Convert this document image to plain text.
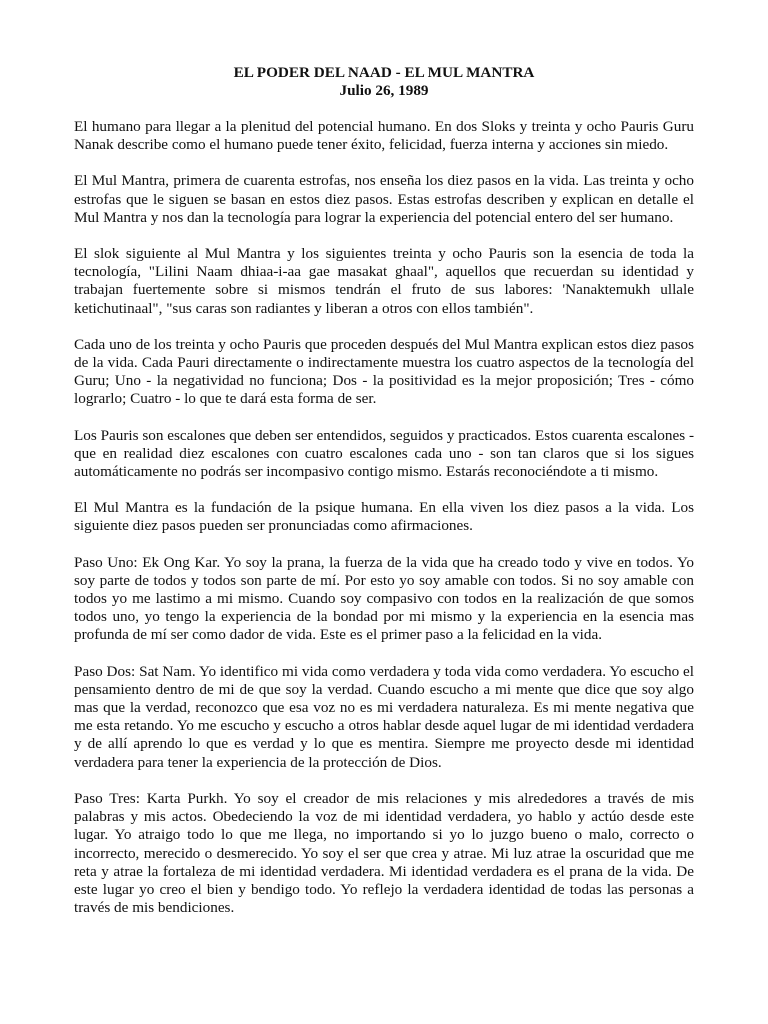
EL PODER DEL NAAD - EL MUL MANTRA
Julio 26, 1989

El humano para llegar a la plenitud del potencial humano. En dos Sloks y treinta y ocho Pauris Guru Nanak describe como el humano puede tener éxito, felicidad, fuerza interna y acciones sin miedo.

El Mul Mantra, primera de cuarenta estrofas, nos enseña los diez pasos en la vida. Las treinta y ocho estrofas que le siguen se basan en estos diez pasos. Estas estrofas describen y explican en detalle el Mul Mantra y nos dan la tecnología para lograr la experiencia del potencial entero del ser humano.

El slok siguiente al Mul Mantra y los siguientes treinta y ocho Pauris son la esencia de toda la tecnología, "Lilini Naam dhiaa-i-aa gae masakat ghaal", aquellos que recuerdan su identidad y trabajan fuertemente sobre si mismos tendrán el fruto de sus labores: 'Nanaktemukh ullale ketichutinaal", "sus caras son radiantes y liberan a otros con ellos también".

Cada uno de los treinta y ocho Pauris que proceden después del Mul Mantra explican estos diez pasos de la vida. Cada Pauri directamente o indirectamente muestra los cuatro aspectos de la tecnología del Guru; Uno - la negatividad no funciona; Dos - la positividad es la mejor proposición; Tres - cómo lograrlo; Cuatro - lo que te dará esta forma de ser.

Los Pauris son escalones que deben ser entendidos, seguidos y practicados. Estos cuarenta escalones - que en realidad diez escalones con cuatro escalones cada uno - son tan claros que si los sigues automáticamente no podrás ser incompasivo contigo mismo. Estarás reconociéndote a ti mismo.

El Mul Mantra es la fundación de la psique humana. En ella viven los diez pasos a la vida. Los siguiente diez pasos pueden ser pronunciadas como afirmaciones.

Paso Uno: Ek Ong Kar. Yo soy la prana, la fuerza de la vida que ha creado todo y vive en todos. Yo soy parte de todos y todos son parte de mí. Por esto yo soy amable con todos. Si no soy amable con todos yo me lastimo a mi mismo. Cuando soy compasivo con todos en la realización de que somos todos uno, yo tengo la experiencia de la bondad por mi mismo y la experiencia en la esencia mas profunda de mí ser como dador de vida. Este es el primer paso a la felicidad en la vida.

Paso Dos: Sat Nam. Yo identifico mi vida como verdadera y toda vida como verdadera. Yo escucho el pensamiento dentro de mi de que soy la verdad. Cuando escucho a mi mente que dice que soy algo mas que la verdad, reconozco que esa voz no es mi verdadera naturaleza. Es mi mente negativa que me esta retando. Yo me escucho y escucho a otros hablar desde aquel lugar de mi identidad verdadera y de allí aprendo lo que es verdad y lo que es mentira. Siempre me proyecto desde mi identidad verdadera para tener la experiencia de la protección de Dios.

Paso Tres: Karta Purkh. Yo soy el creador de mis relaciones y mis alrededores a través de mis palabras y mis actos. Obedeciendo la voz de mi identidad verdadera, yo hablo y actúo desde este lugar. Yo atraigo todo lo que me llega, no importando si yo lo juzgo bueno o malo, correcto o incorrecto, merecido o desmerecido. Yo soy el ser que crea y atrae. Mi luz atrae la oscuridad que me reta y atrae la fortaleza de mi identidad verdadera. Mi identidad verdadera es el prana de la vida. De este lugar yo creo el bien y bendigo todo. Yo reflejo la verdadera identidad de todas las personas a través de mis bendiciones.
